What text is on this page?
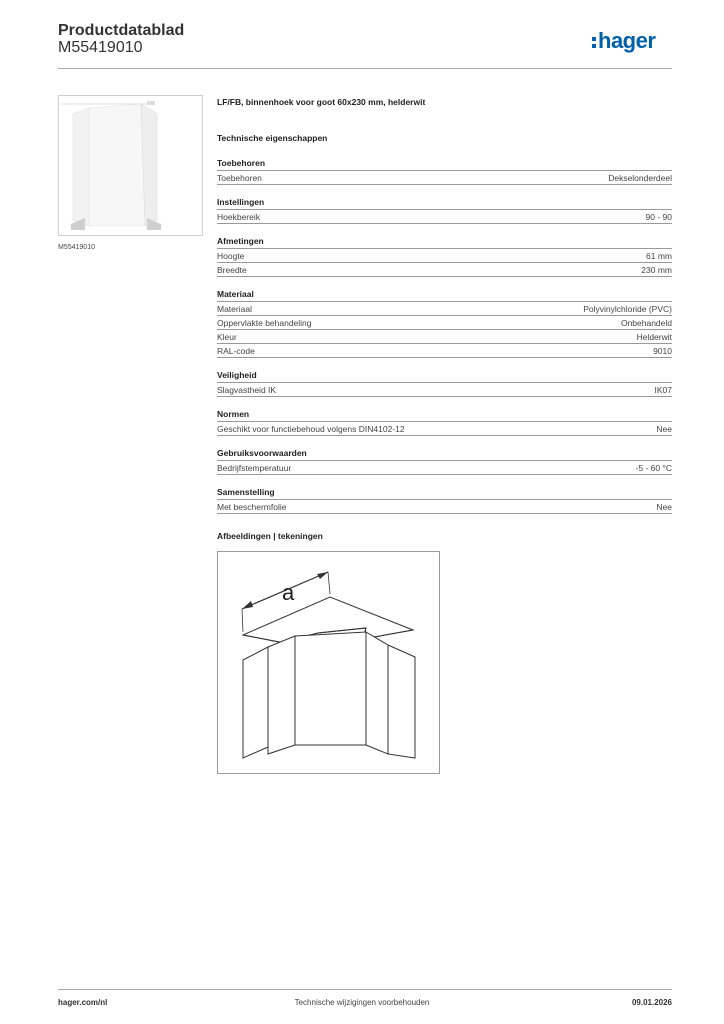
Productdatablad
M55419010	hager
M55419010
LF/FB, binnenhoek voor goot 60x230 mm, helderwit
Technische eigenschappen
Toebehoren
Toebehoren	Dekselonderdeel
Instellingen
Hoekbereik	90 - 90
Afmetingen
Hoogte	61 mm
Breedte	230 mm
Materiaal
Materiaal	Polyvinylchloride (PVC)
Oppervlakte behandeling	Onbehandeld
Kleur	Helderwit
RAL-code	9010
Veiligheid
Slagvastheid IK	IK07
Normen
Geschikt voor functiebehoud volgens DIN4102-12	Nee
Gebruiksvoorwaarden
Bedrijfstemperatuur	-5 - 60 °C
Samenstelling
Met beschermfolie	Nee
Afbeeldingen | tekeningen
a
hager.com/nl	Technische wijzigingen voorbehouden	09.01.2026
